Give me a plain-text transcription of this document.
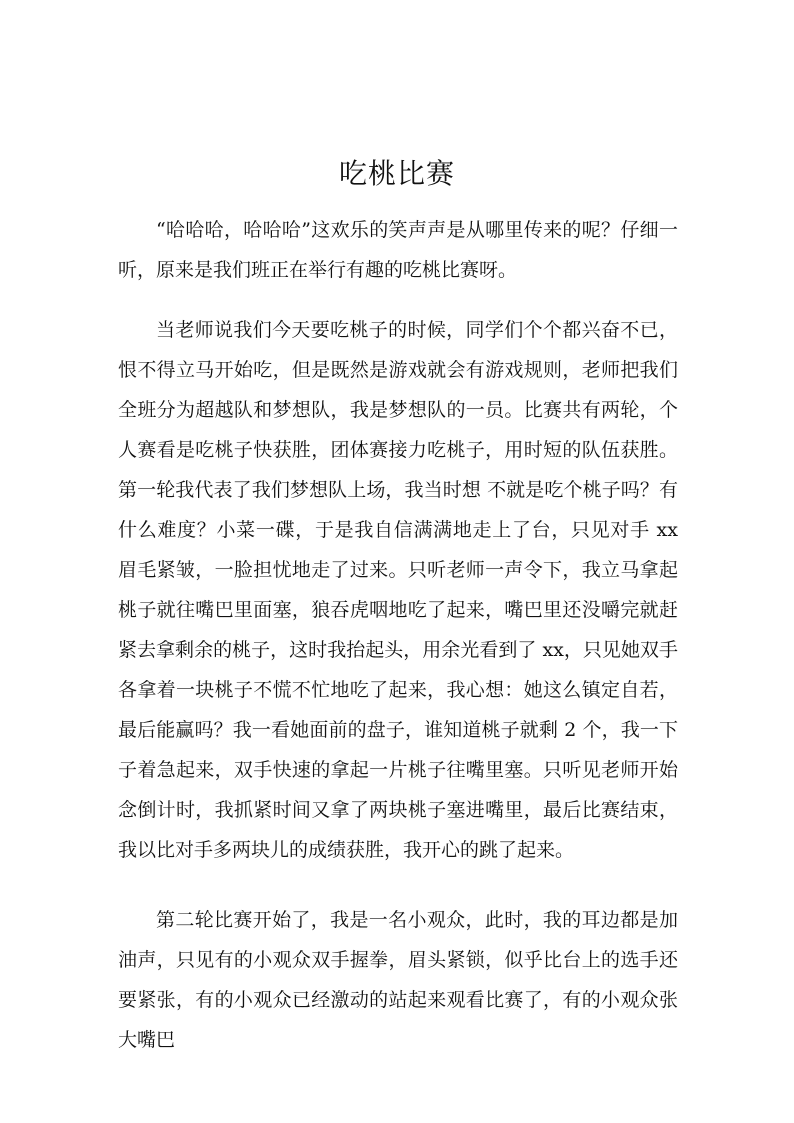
吃桃比赛

“哈哈哈，哈哈哈”这欢乐的笑声声是从哪里传来的呢？仔细一听，原来是我们班正在举行有趣的吃桃比赛呀。

当老师说我们今天要吃桃子的时候，同学们个个都兴奋不已，恨不得立马开始吃，但是既然是游戏就会有游戏规则，老师把我们全班分为超越队和梦想队，我是梦想队的一员。比赛共有两轮，个人赛看是吃桃子快获胜，团体赛接力吃桃子，用时短的队伍获胜。第一轮我代表了我们梦想队上场，我当时想 不就是吃个桃子吗？有什么难度？小菜一碟，于是我自信满满地走上了台，只见对手 xx 眉毛紧皱，一脸担忧地走了过来。只听老师一声令下，我立马拿起桃子就往嘴巴里面塞，狼吞虎咽地吃了起来，嘴巴里还没嚼完就赶紧去拿剩余的桃子，这时我抬起头，用余光看到了 xx，只见她双手各拿着一块桃子不慌不忙地吃了起来，我心想：她这么镇定自若，最后能赢吗？我一看她面前的盘子，谁知道桃子就剩 2 个，我一下子着急起来，双手快速的拿起一片桃子往嘴里塞。只听见老师开始念倒计时，我抓紧时间又拿了两块桃子塞进嘴里，最后比赛结束，我以比对手多两块儿的成绩获胜，我开心的跳了起来。

第二轮比赛开始了，我是一名小观众，此时，我的耳边都是加油声，只见有的小观众双手握拳，眉头紧锁，似乎比台上的选手还要紧张，有的小观众已经激动的站起来观看比赛了，有的小观众张大嘴巴
